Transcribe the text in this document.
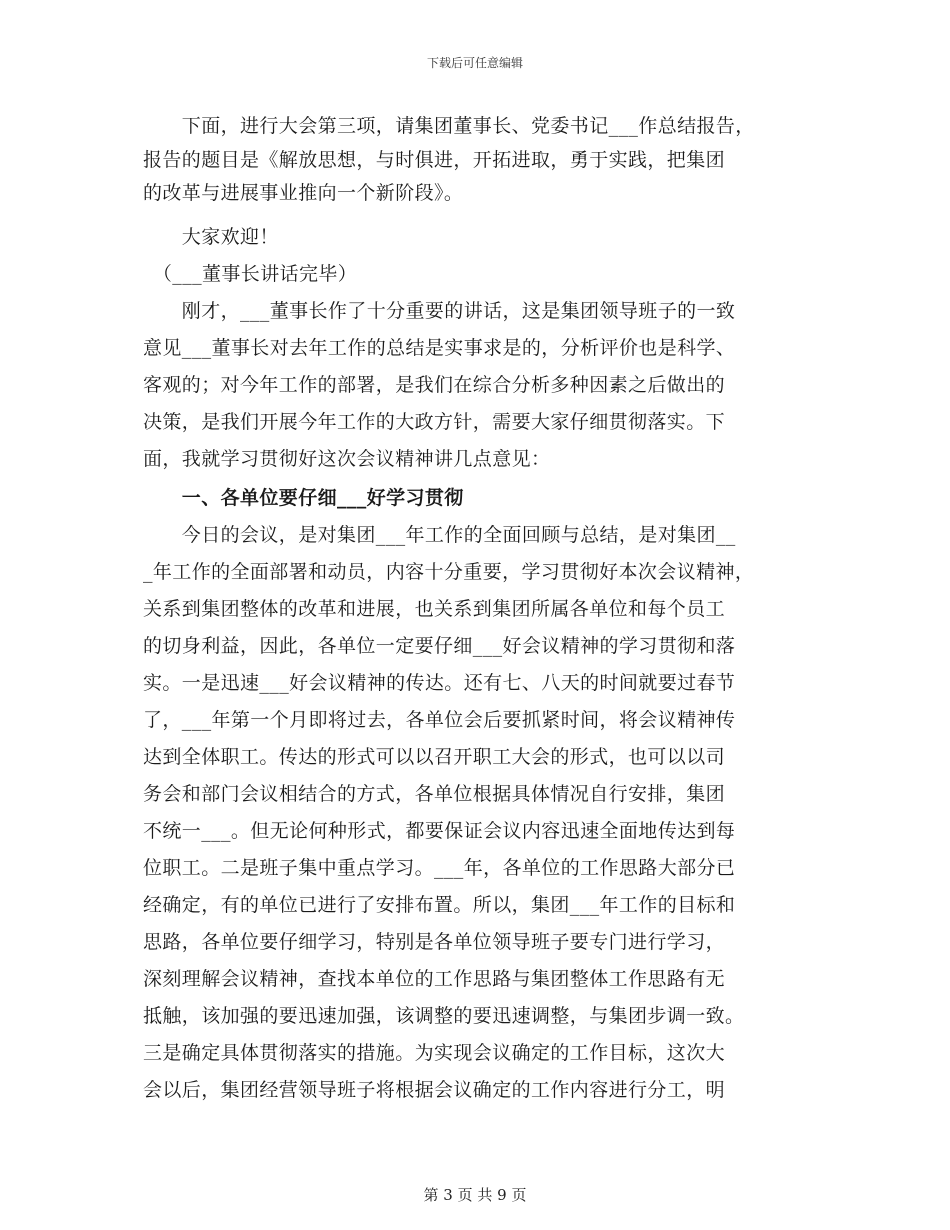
下载后可任意编辑
　　下面，进行大会第三项，请集团董事长、党委书记___作总结报告，
报告的题目是《解放思想，与时俱进，开拓进取，勇于实践，把集团
的改革与进展事业推向一个新阶段》。
　　大家欢迎！
　（___董事长讲话完毕）
　　刚才，___董事长作了十分重要的讲话，这是集团领导班子的一致
意见___董事长对去年工作的总结是实事求是的，分析评价也是科学、
客观的；对今年工作的部署，是我们在综合分析多种因素之后做出的
决策，是我们开展今年工作的大政方针，需要大家仔细贯彻落实。下
面，我就学习贯彻好这次会议精神讲几点意见：
　　一、各单位要仔细___好学习贯彻
　　今日的会议，是对集团___年工作的全面回顾与总结，是对集团__
_年工作的全面部署和动员，内容十分重要，学习贯彻好本次会议精神，
关系到集团整体的改革和进展，也关系到集团所属各单位和每个员工
的切身利益，因此，各单位一定要仔细___好会议精神的学习贯彻和落
实。一是迅速___好会议精神的传达。还有七、八天的时间就要过春节
了，___年第一个月即将过去，各单位会后要抓紧时间，将会议精神传
达到全体职工。传达的形式可以以召开职工大会的形式，也可以以司
务会和部门会议相结合的方式，各单位根据具体情况自行安排，集团
不统一___。但无论何种形式，都要保证会议内容迅速全面地传达到每
位职工。二是班子集中重点学习。___年，各单位的工作思路大部分已
经确定，有的单位已进行了安排布置。所以，集团___年工作的目标和
思路，各单位要仔细学习，特别是各单位领导班子要专门进行学习，
深刻理解会议精神，查找本单位的工作思路与集团整体工作思路有无
抵触，该加强的要迅速加强，该调整的要迅速调整，与集团步调一致。
三是确定具体贯彻落实的措施。为实现会议确定的工作目标，这次大
会以后，集团经营领导班子将根据会议确定的工作内容进行分工，明
第 3 页 共 9 页
